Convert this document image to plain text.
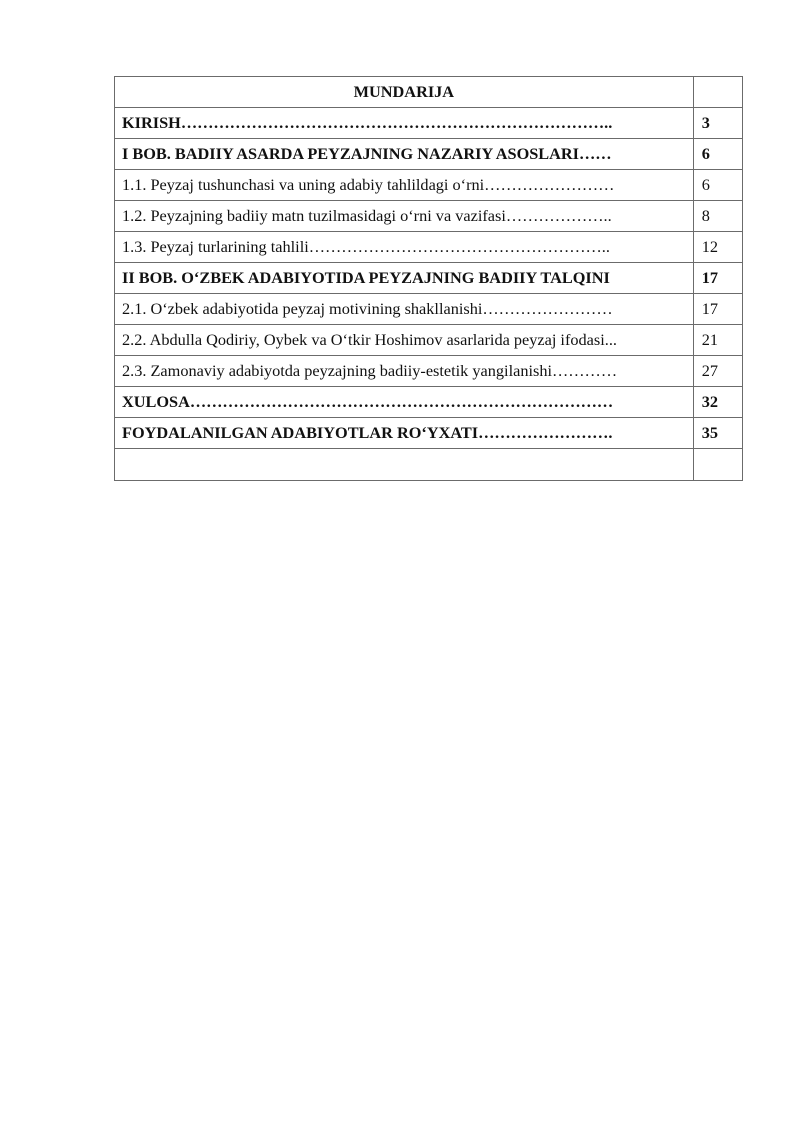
MUNDARIJA	
KIRISH……………………………………………………………………..	3
I BOB. BADIIY ASARDA PEYZAJNING NAZARIY ASOSLARI……	6
1.1. Peyzaj tushunchasi va uning adabiy tahlildagi o‘rni……………………	6
1.2. Peyzajning badiiy matn tuzilmasidagi o‘rni va vazifasi………………..	8
1.3. Peyzaj turlarining tahlili………………………………………………..	12
II BOB. O‘ZBEK ADABIYOTIDA PEYZAJNING BADIIY TALQINI	17
2.1. O‘zbek adabiyotida peyzaj motivining shakllanishi……………………	17
2.2. Abdulla Qodiriy, Oybek va O‘tkir Hoshimov asarlarida peyzaj ifodasi...	21
2.3. Zamonaviy adabiyotda peyzajning badiiy-estetik yangilanishi…………	27
XULOSA……………………………………………………………………	32
FOYDALANILGAN ADABIYOTLAR RO‘YXATI…………………….	35
